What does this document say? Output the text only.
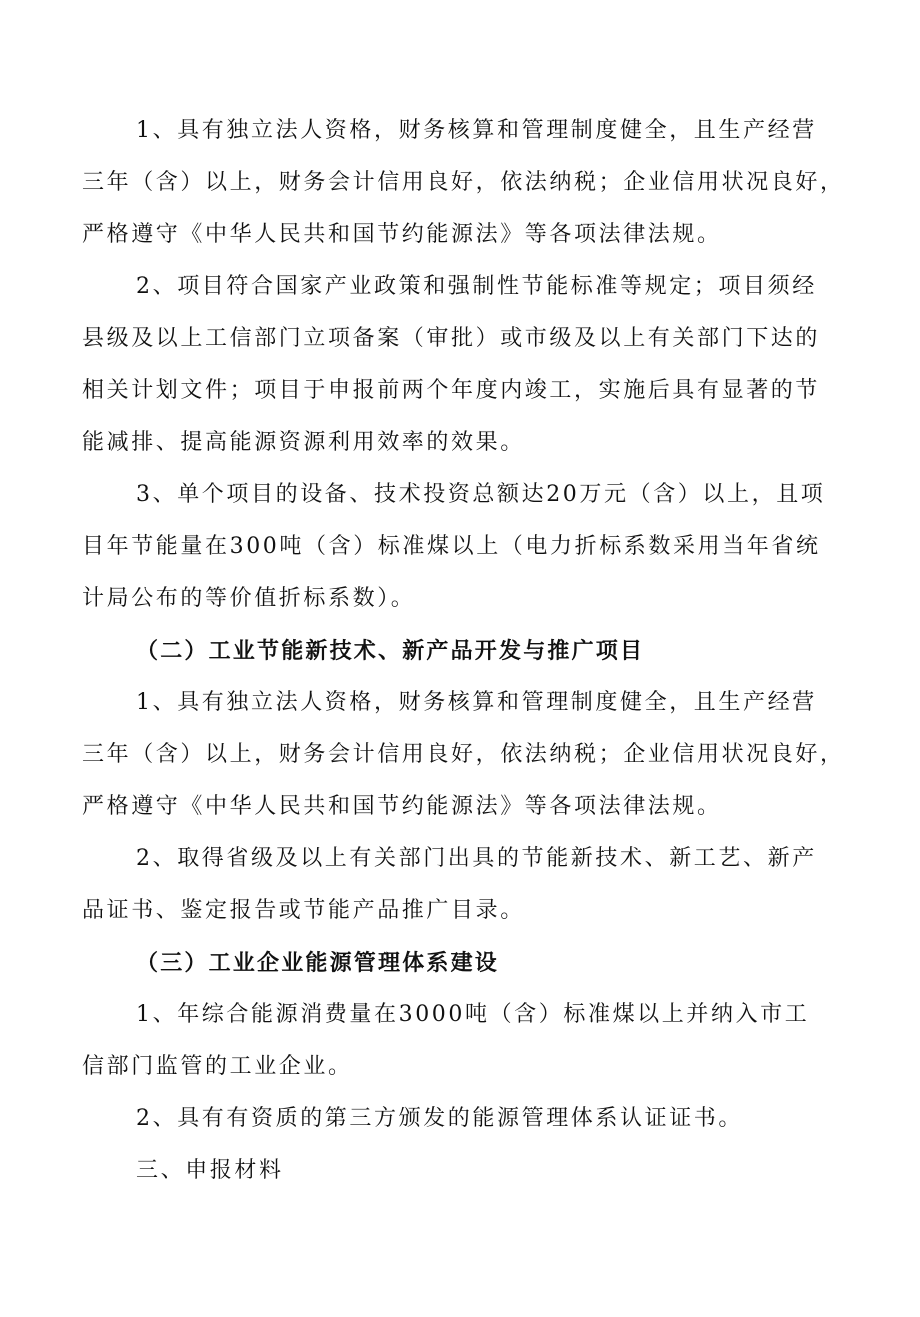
1、具有独立法人资格，财务核算和管理制度健全，且生产经营
三年（含）以上，财务会计信用良好，依法纳税；企业信用状况良好，
严格遵守《中华人民共和国节约能源法》等各项法律法规。
2、项目符合国家产业政策和强制性节能标准等规定；项目须经
县级及以上工信部门立项备案（审批）或市级及以上有关部门下达的
相关计划文件；项目于申报前两个年度内竣工，实施后具有显著的节
能减排、提高能源资源利用效率的效果。
3、单个项目的设备、技术投资总额达20万元（含）以上，且项
目年节能量在300吨（含）标准煤以上（电力折标系数采用当年省统
计局公布的等价值折标系数）。
（二）工业节能新技术、新产品开发与推广项目
1、具有独立法人资格，财务核算和管理制度健全，且生产经营
三年（含）以上，财务会计信用良好，依法纳税；企业信用状况良好，
严格遵守《中华人民共和国节约能源法》等各项法律法规。
2、取得省级及以上有关部门出具的节能新技术、新工艺、新产
品证书、鉴定报告或节能产品推广目录。
（三）工业企业能源管理体系建设
1、年综合能源消费量在3000吨（含）标准煤以上并纳入市工
信部门监管的工业企业。
2、具有有资质的第三方颁发的能源管理体系认证证书。
三、申报材料
